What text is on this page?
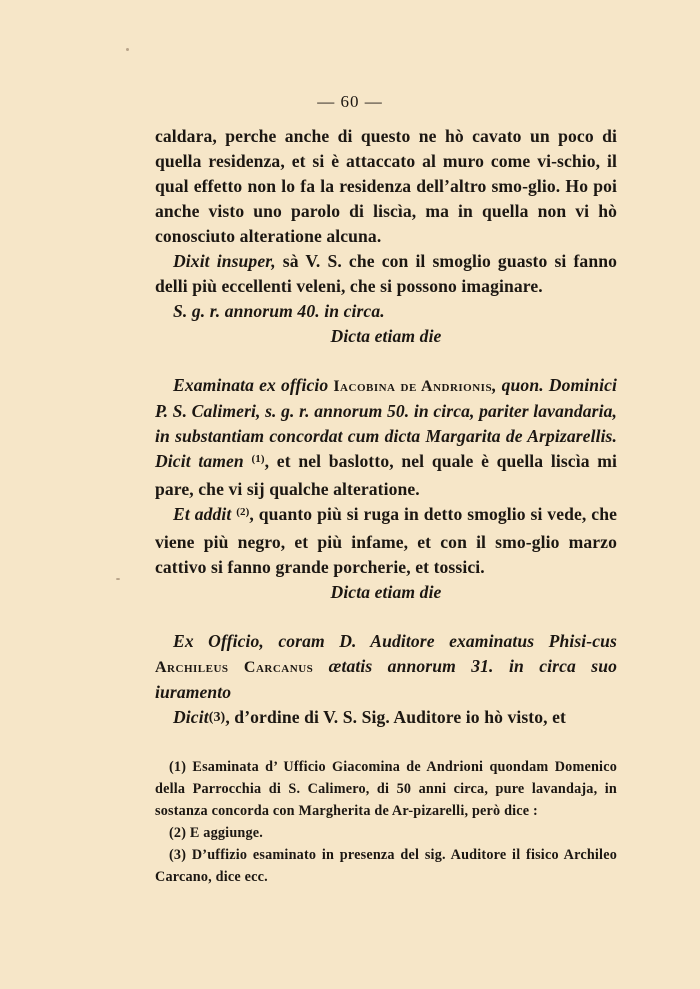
— 60 —

caldara, perche anche di questo ne hò cavato un poco di quella residenza, et si è attaccato al muro come vi-schio, il qual effetto non lo fa la residenza dell’altro smo-glio. Ho poi anche visto uno parolo di liscìa, ma in quella non vi hò conosciuto alteratione alcuna.

Dixit insuper, sà V. S. che con il smoglio guasto si fanno delli più eccellenti veleni, che si possono imaginare.

S. g. r. annorum 40. in circa.

Dicta etiam die

Examinata ex officio Iacobina de Andrionis, quon. Dominici P. S. Calimeri, s. g. r. annorum 50. in circa, pariter lavandaria, in substantiam concordat cum dicta Margarita de Arpizarellis. Dicit tamen $^{(1)}$, et nel baslotto, nel quale è quella liscìa mi pare, che vi sij qualche alteratione.

Et addit $^{(2)}$, quanto più si ruga in detto smoglio si vede, che viene più negro, et più infame, et con il smo-glio marzo cattivo si fanno grande porcherie, et tossici.

Dicta etiam die

Ex Officio, coram D. Auditore examinatus Phisi-cus Archileus Carcanus ætatis annorum 31. in circa suo iuramento

Dicit(3), d’ordine di V. S. Sig. Auditore io hò visto, et

(1) Esaminata d’ Ufficio Giacomina de Andrioni quondam Domenico della Parrocchia di S. Calimero, di 50 anni circa, pure lavandaja, in sostanza concorda con Margherita de Ar-pizarelli, però dice :

(2) E aggiunge.

(3) D’uffizio esaminato in presenza del sig. Auditore il fisico Archileo Carcano, dice ecc.
